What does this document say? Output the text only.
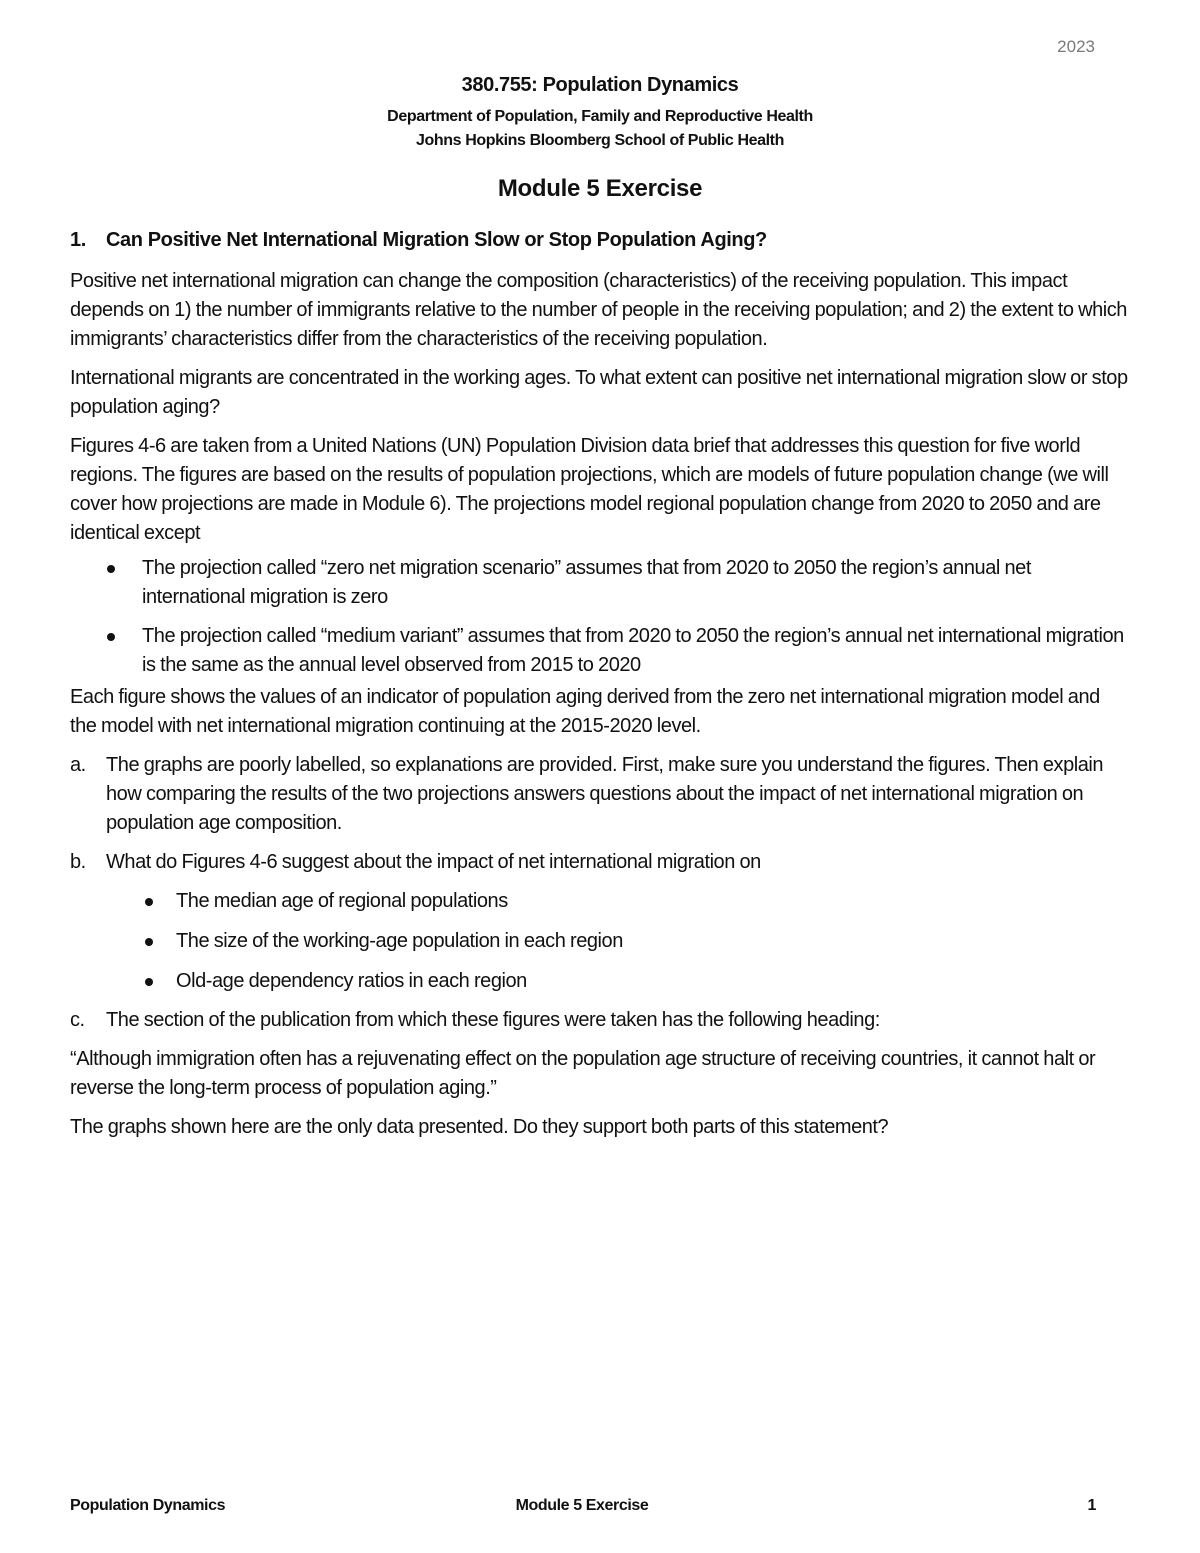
2023
380.755: Population Dynamics
Department of Population, Family and Reproductive Health
Johns Hopkins Bloomberg School of Public Health
Module 5 Exercise
1. Can Positive Net International Migration Slow or Stop Population Aging?

Positive net international migration can change the composition (characteristics) of the receiving population. This impact depends on 1) the number of immigrants relative to the number of people in the receiving population; and 2) the extent to which immigrants’ characteristics differ from the characteristics of the receiving population.

International migrants are concentrated in the working ages. To what extent can positive net international migration slow or stop population aging?

Figures 4-6 are taken from a United Nations (UN) Population Division data brief that addresses this question for five world regions. The figures are based on the results of population projections, which are models of future population change (we will cover how projections are made in Module 6). The projections model regional population change from 2020 to 2050 and are identical except

The projection called “zero net migration scenario” assumes that from 2020 to 2050 the region’s annual net international migration is zero
The projection called “medium variant” assumes that from 2020 to 2050 the region’s annual net international migration is the same as the annual level observed from 2015 to 2020

Each figure shows the values of an indicator of population aging derived from the zero net international migration model and the model with net international migration continuing at the 2015-2020 level.

a. The graphs are poorly labelled, so explanations are provided. First, make sure you understand the figures. Then explain how comparing the results of the two projections answers questions about the impact of net international migration on population age composition.
b. What do Figures 4-6 suggest about the impact of net international migration on
The median age of regional populations
The size of the working-age population in each region
Old-age dependency ratios in each region
c. The section of the publication from which these figures were taken has the following heading:

“Although immigration often has a rejuvenating effect on the population age structure of receiving countries, it cannot halt or reverse the long-term process of population aging.”

The graphs shown here are the only data presented. Do they support both parts of this statement?

Population Dynamics	Module 5 Exercise	1
